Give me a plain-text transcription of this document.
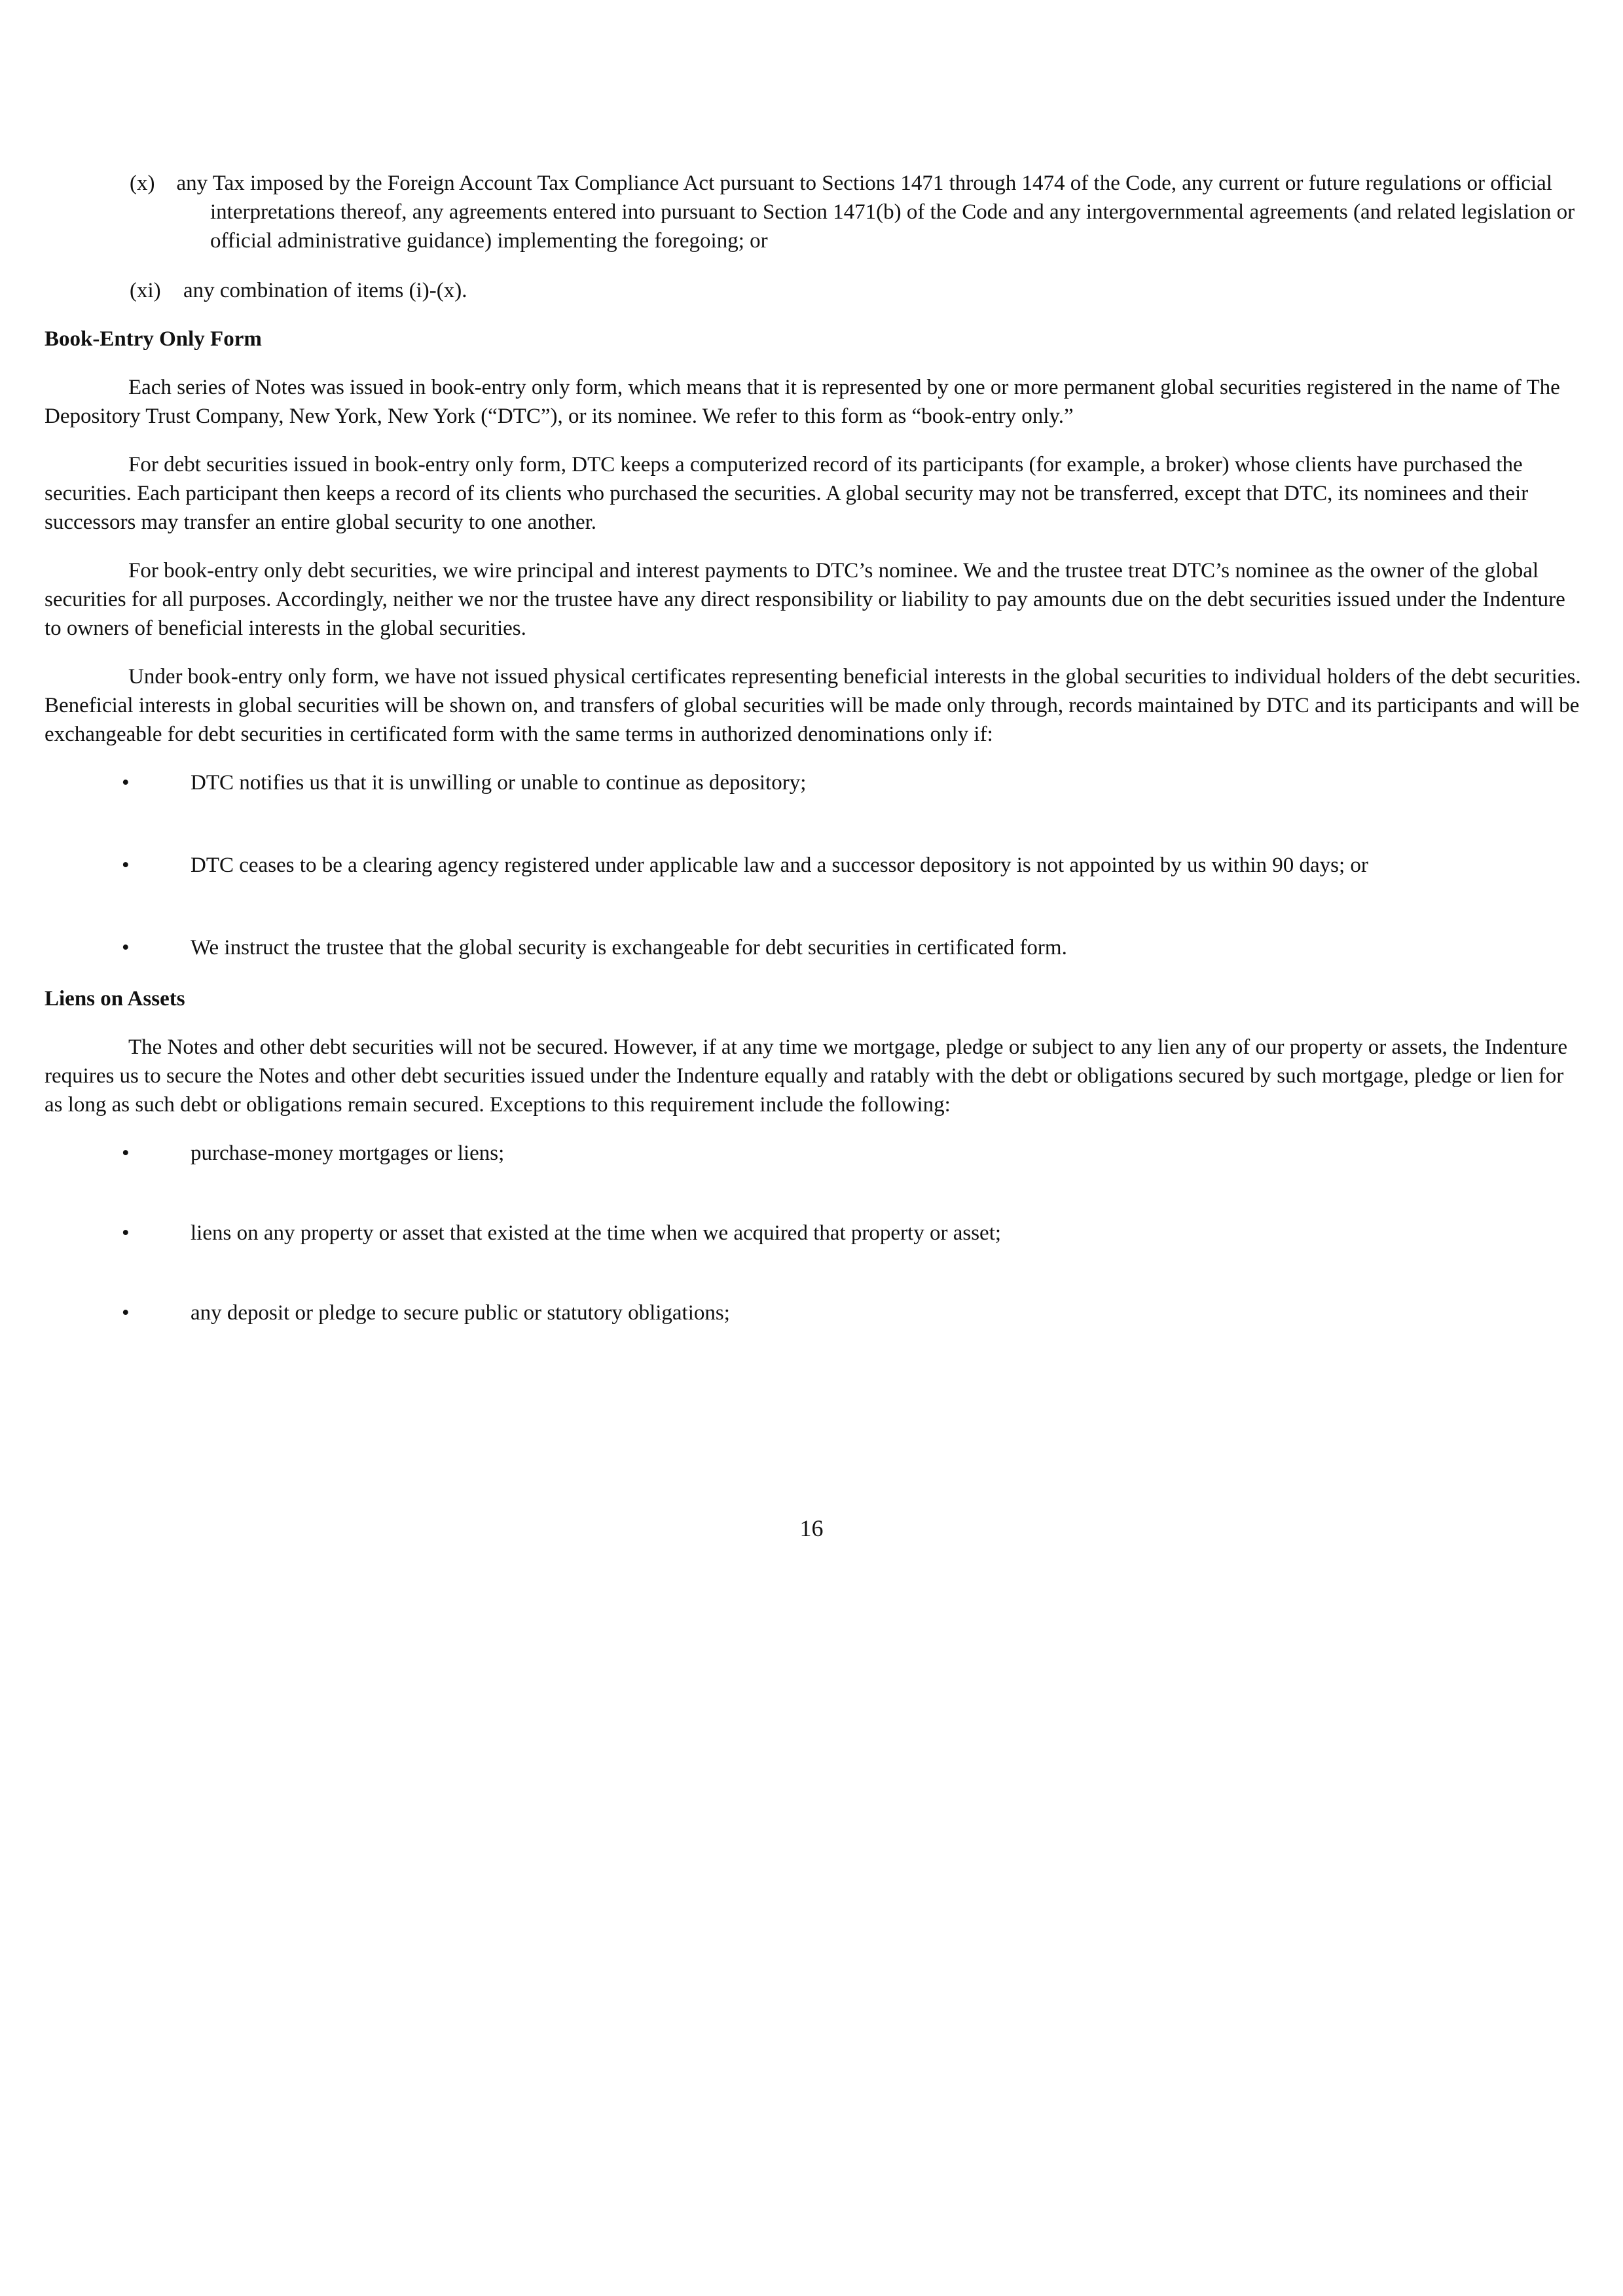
(x) any Tax imposed by the Foreign Account Tax Compliance Act pursuant to Sections 1471 through 1474 of the Code, any current or future regulations or official interpretations thereof, any agreements entered into pursuant to Section 1471(b) of the Code and any intergovernmental agreements (and related legislation or official administrative guidance) implementing the foregoing; or

(xi) any combination of items (i)-(x).

Book-Entry Only Form

Each series of Notes was issued in book-entry only form, which means that it is represented by one or more permanent global securities registered in the name of The Depository Trust Company, New York, New York (“DTC”), or its nominee. We refer to this form as “book-entry only.”

For debt securities issued in book-entry only form, DTC keeps a computerized record of its participants (for example, a broker) whose clients have purchased the securities. Each participant then keeps a record of its clients who purchased the securities. A global security may not be transferred, except that DTC, its nominees and their successors may transfer an entire global security to one another.

For book-entry only debt securities, we wire principal and interest payments to DTC’s nominee. We and the trustee treat DTC’s nominee as the owner of the global securities for all purposes. Accordingly, neither we nor the trustee have any direct responsibility or liability to pay amounts due on the debt securities issued under the Indenture to owners of beneficial interests in the global securities.

Under book-entry only form, we have not issued physical certificates representing beneficial interests in the global securities to individual holders of the debt securities. Beneficial interests in global securities will be shown on, and transfers of global securities will be made only through, records maintained by DTC and its participants and will be exchangeable for debt securities in certificated form with the same terms in authorized denominations only if:

•	DTC notifies us that it is unwilling or unable to continue as depository;

•	DTC ceases to be a clearing agency registered under applicable law and a successor depository is not appointed by us within 90 days; or

•	We instruct the trustee that the global security is exchangeable for debt securities in certificated form.

Liens on Assets

The Notes and other debt securities will not be secured. However, if at any time we mortgage, pledge or subject to any lien any of our property or assets, the Indenture requires us to secure the Notes and other debt securities issued under the Indenture equally and ratably with the debt or obligations secured by such mortgage, pledge or lien for as long as such debt or obligations remain secured. Exceptions to this requirement include the following:

•	purchase-money mortgages or liens;

•	liens on any property or asset that existed at the time when we acquired that property or asset;

•	any deposit or pledge to secure public or statutory obligations;

16
